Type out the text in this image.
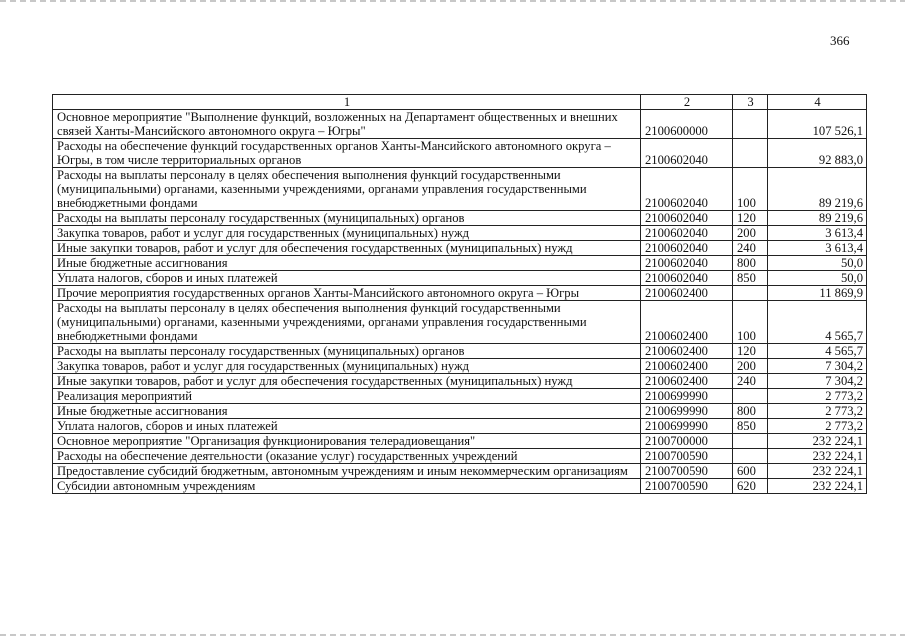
366
1	2	3	4
Основное мероприятие "Выполнение функций, возложенных на Департамент общественных и внешних связей Ханты-Мансийского автономного округа – Югры"	2100600000		107 526,1
Расходы на обеспечение функций государственных органов Ханты-Мансийского автономного округа – Югры, в том числе территориальных органов	2100602040		92 883,0
Расходы на выплаты персоналу в целях обеспечения выполнения функций государственными (муниципальными) органами, казенными учреждениями, органами управления государственными внебюджетными фондами	2100602040	100	89 219,6
Расходы на выплаты персоналу государственных (муниципальных) органов	2100602040	120	89 219,6
Закупка товаров, работ и услуг для государственных (муниципальных) нужд	2100602040	200	3 613,4
Иные закупки товаров, работ и услуг для обеспечения государственных (муниципальных) нужд	2100602040	240	3 613,4
Иные бюджетные ассигнования	2100602040	800	50,0
Уплата налогов, сборов и иных платежей	2100602040	850	50,0
Прочие мероприятия государственных органов Ханты-Мансийского автономного округа – Югры	2100602400		11 869,9
Расходы на выплаты персоналу в целях обеспечения выполнения функций государственными (муниципальными) органами, казенными учреждениями, органами управления государственными внебюджетными фондами	2100602400	100	4 565,7
Расходы на выплаты персоналу государственных (муниципальных) органов	2100602400	120	4 565,7
Закупка товаров, работ и услуг для государственных (муниципальных) нужд	2100602400	200	7 304,2
Иные закупки товаров, работ и услуг для обеспечения государственных (муниципальных) нужд	2100602400	240	7 304,2
Реализация мероприятий	2100699990		2 773,2
Иные бюджетные ассигнования	2100699990	800	2 773,2
Уплата налогов, сборов и иных платежей	2100699990	850	2 773,2
Основное мероприятие "Организация функционирования телерадиовещания"	2100700000		232 224,1
Расходы на обеспечение деятельности (оказание услуг) государственных учреждений	2100700590		232 224,1
Предоставление субсидий бюджетным, автономным учреждениям и иным некоммерческим организациям	2100700590	600	232 224,1
Субсидии автономным учреждениям	2100700590	620	232 224,1
